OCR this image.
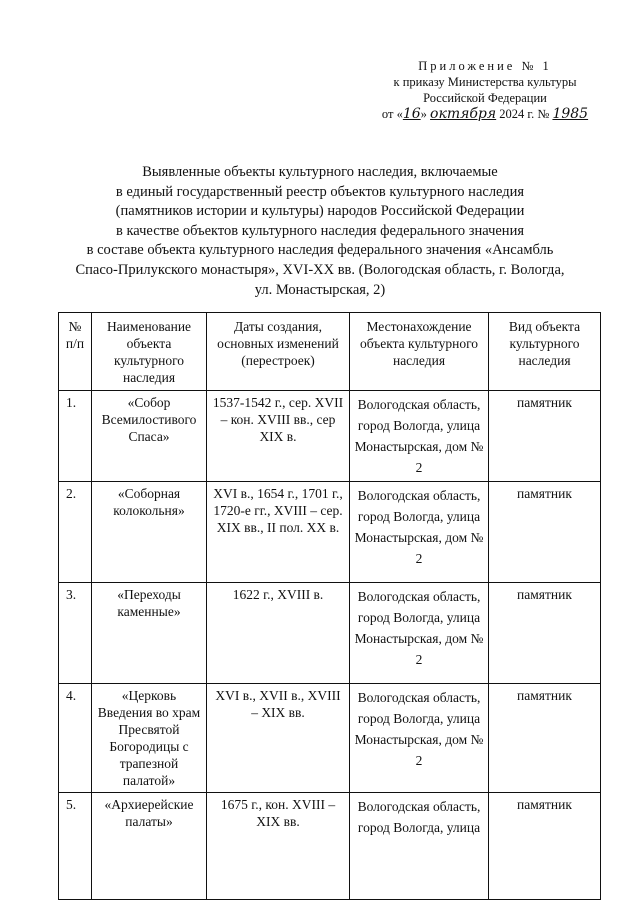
Приложение № 1
к приказу Министерства культуры
Российской Федерации
от «16» октября 2024 г. № 1985
Выявленные объекты культурного наследия, включаемые
в единый государственный реестр объектов культурного наследия
(памятников истории и культуры) народов Российской Федерации
в качестве объектов культурного наследия федерального значения
в составе объекта культурного наследия федерального значения «Ансамбль
Спасо-Прилукского монастыря», XVI-XX вв. (Вологодская область, г. Вологда,
ул. Монастырская, 2)
№ п/п	Наименование объекта культурного наследия	Даты создания, основных изменений (перестроек)	Местонахождение объекта культурного наследия	Вид объекта культурного наследия
1.	«Собор Всемилостивого Спаса»	1537-1542 г., сер. XVII – кон. XVIII вв., сер XIX в.	Вологодская область, город Вологда, улица Монастырская, дом № 2	памятник
2.	«Соборная колокольня»	XVI в., 1654 г., 1701 г., 1720-е гг., XVIII – сер. XIX вв., II пол. XX в.	Вологодская область, город Вологда, улица Монастырская, дом № 2	памятник
3.	«Переходы каменные»	1622 г., XVIII в.	Вологодская область, город Вологда, улица Монастырская, дом № 2	памятник
4.	«Церковь Введения во храм Пресвятой Богородицы с трапезной палатой»	XVI в., XVII в., XVIII – XIX вв.	Вологодская область, город Вологда, улица Монастырская, дом № 2	памятник
5.	«Архиерейские палаты»	1675 г., кон. XVIII – XIX вв.	Вологодская область, город Вологда, улица	памятник
